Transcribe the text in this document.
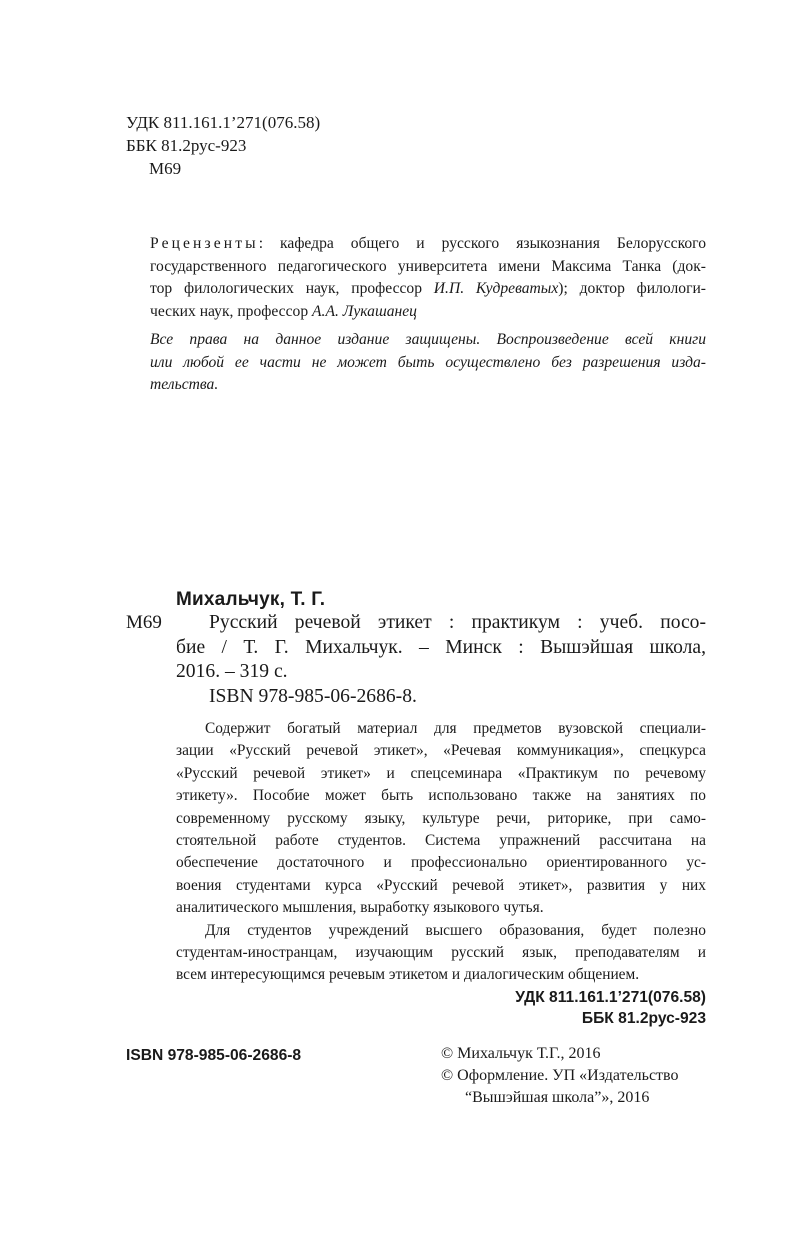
УДК 811.161.1’271(076.58)
ББК 81.2рус-923
М69
Рецензенты: кафедра общего и русского языкознания Белорусского
государственного педагогического университета имени Максима Танка (док-
тор филологических наук, профессор И.П. Кудреватых); доктор филологи-
ческих наук, профессор А.А. Лукашанец
Все права на данное издание защищены. Воспроизведение всей книги
или любой ее части не может быть осуществлено без разрешения изда-
тельства.
Михальчук, Т. Г.
М69	Русский речевой этикет : практикум : учеб. посо-
бие / Т. Г. Михальчук. – Минск : Вышэйшая школа,
2016. – 319 с.
ISBN 978-985-06-2686-8.
Содержит богатый материал для предметов вузовской специали-
зации «Русский речевой этикет», «Речевая коммуникация», спецкурса
«Русский речевой этикет» и спецсеминара «Практикум по речевому
этикету». Пособие может быть использовано также на занятиях по
современному русскому языку, культуре речи, риторике, при само-
стоятельной работе студентов. Система упражнений рассчитана на
обеспечение достаточного и профессионально ориентированного ус-
воения студентами курса «Русский речевой этикет», развития у них
аналитического мышления, выработку языкового чутья.
Для студентов учреждений высшего образования, будет полезно
студентам-иностранцам, изучающим русский язык, преподавателям и
всем интересующимся речевым этикетом и диалогическим общением.
УДК 811.161.1’271(076.58)
ББК 81.2рус-923
ISBN 978-985-06-2686-8	© Михальчук Т.Г., 2016
© Оформление. УП «Издательство
“Вышэйшая школа”», 2016
